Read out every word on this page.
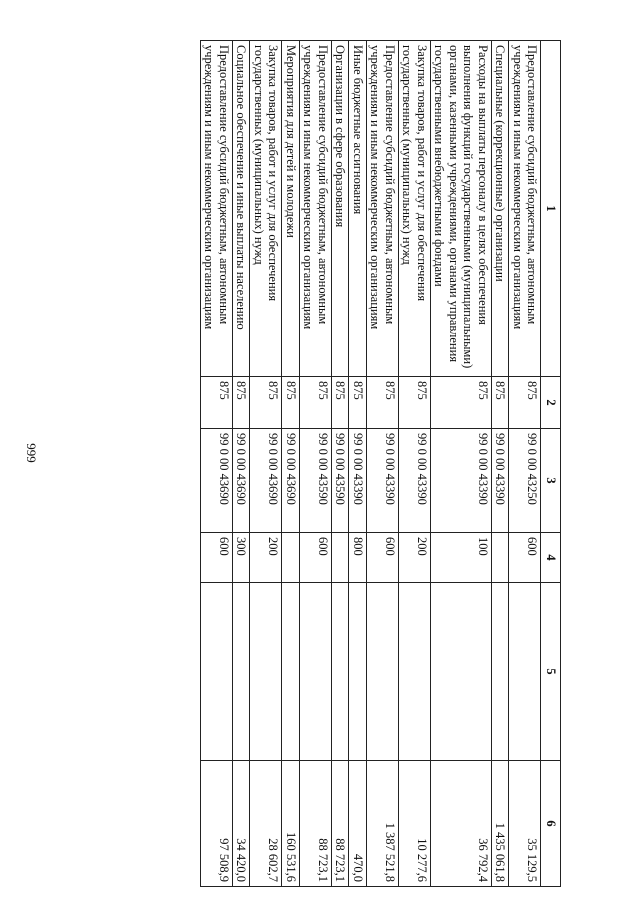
999
1	2	3	4	5	6
Предоставление субсидий бюджетным, автономным учреждениям и иным некоммерческим организациям	875	99 0 00 43250	600		35 129,5
Специальные (коррекционные) организации	875	99 0 00 43390			1 435 061,8
Расходы на выплаты персоналу в целях обеспечения выполнения функций государственными (муниципальными) органами, казенными учреждениями, органами управления государственными внебюджетными фондами	875	99 0 00 43390	100		36 792,4
Закупка товаров, работ и услуг для обеспечения государственных (муниципальных) нужд	875	99 0 00 43390	200		10 277,6
Предоставление субсидий бюджетным, автономным учреждениям и иным некоммерческим организациям	875	99 0 00 43390	600		1 387 521,8
Иные бюджетные ассигнования	875	99 0 00 43390	800		470,0
Организации в сфере образования	875	99 0 00 43590			88 723,1
Предоставление субсидий бюджетным, автономным учреждениям и иным некоммерческим организациям	875	99 0 00 43590	600		88 723,1
Мероприятия для детей и молодежи	875	99 0 00 43690			160 531,6
Закупка товаров, работ и услуг для обеспечения государственных (муниципальных) нужд	875	99 0 00 43690	200		28 602,7
Социальное обеспечение и иные выплаты населению	875	99 0 00 43690	300		34 420,0
Предоставление субсидий бюджетным, автономным учреждениям и иным некоммерческим организациям	875	99 0 00 43690	600		97 508,9
